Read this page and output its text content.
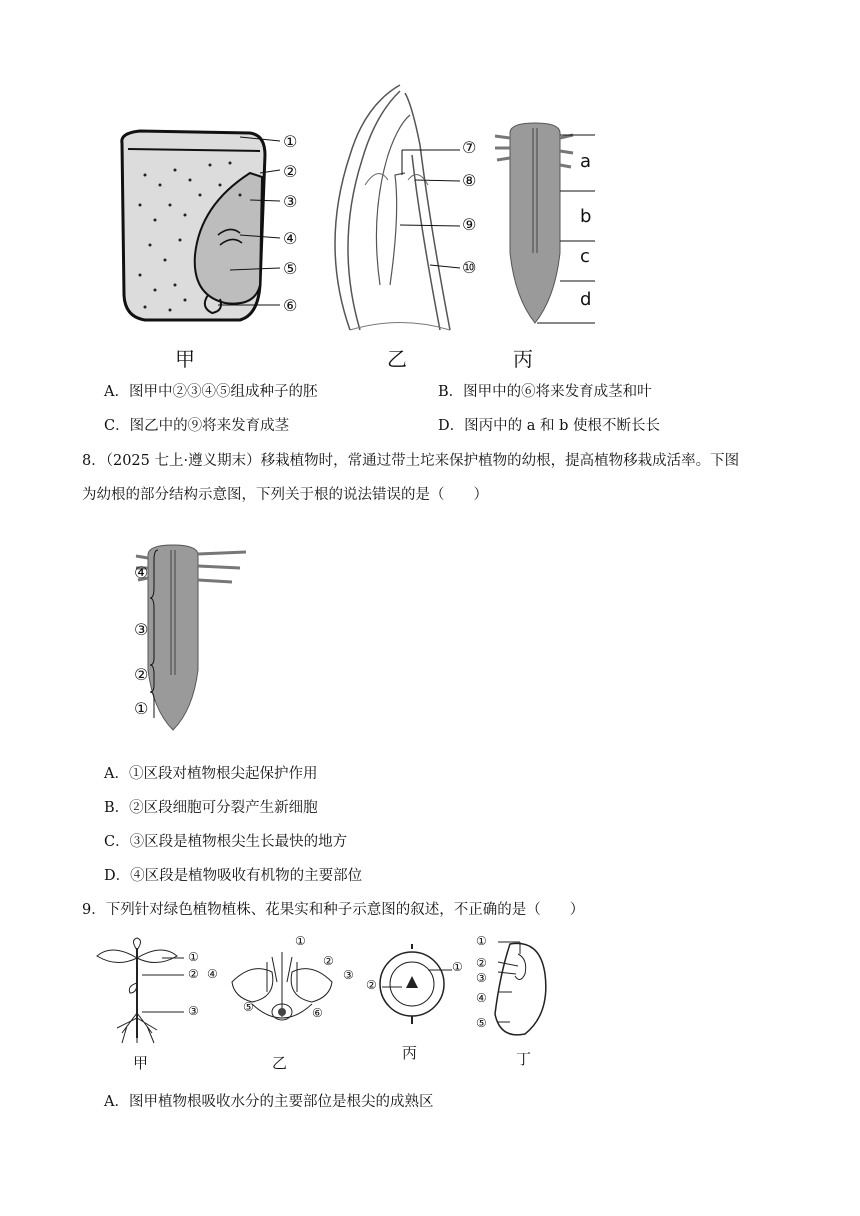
①
②
③
④
⑤
⑥
⑦
⑧
⑨
⑩
a
b
c
d
甲	乙	丙
A．图甲中②③④⑤组成种子的胚	B．图甲中的⑥将来发育成茎和叶
C．图乙中的⑨将来发育成茎	D．图丙中的 a 和 b 使根不断长长
8．（2025 七上·遵义期末）移栽植物时，常通过带土坨来保护植物的幼根，提高植物移栽成活率。下图
为幼根的部分结构示意图，下列关于根的说法错误的是（　　）
④
③
②
①
A．①区段对植物根尖起保护作用
B．②区段细胞可分裂产生新细胞
C．③区段是植物根尖生长最快的地方
D．④区段是植物吸收有机物的主要部位
9．下列针对绿色植物植株、花果实和种子示意图的叙述，不正确的是（　　）
①
②
③
①
②
③
④
⑤	⑥
①
②
①
②
③
④
⑤
甲	乙
丙	丁
A．图甲植物根吸收水分的主要部位是根尖的成熟区
